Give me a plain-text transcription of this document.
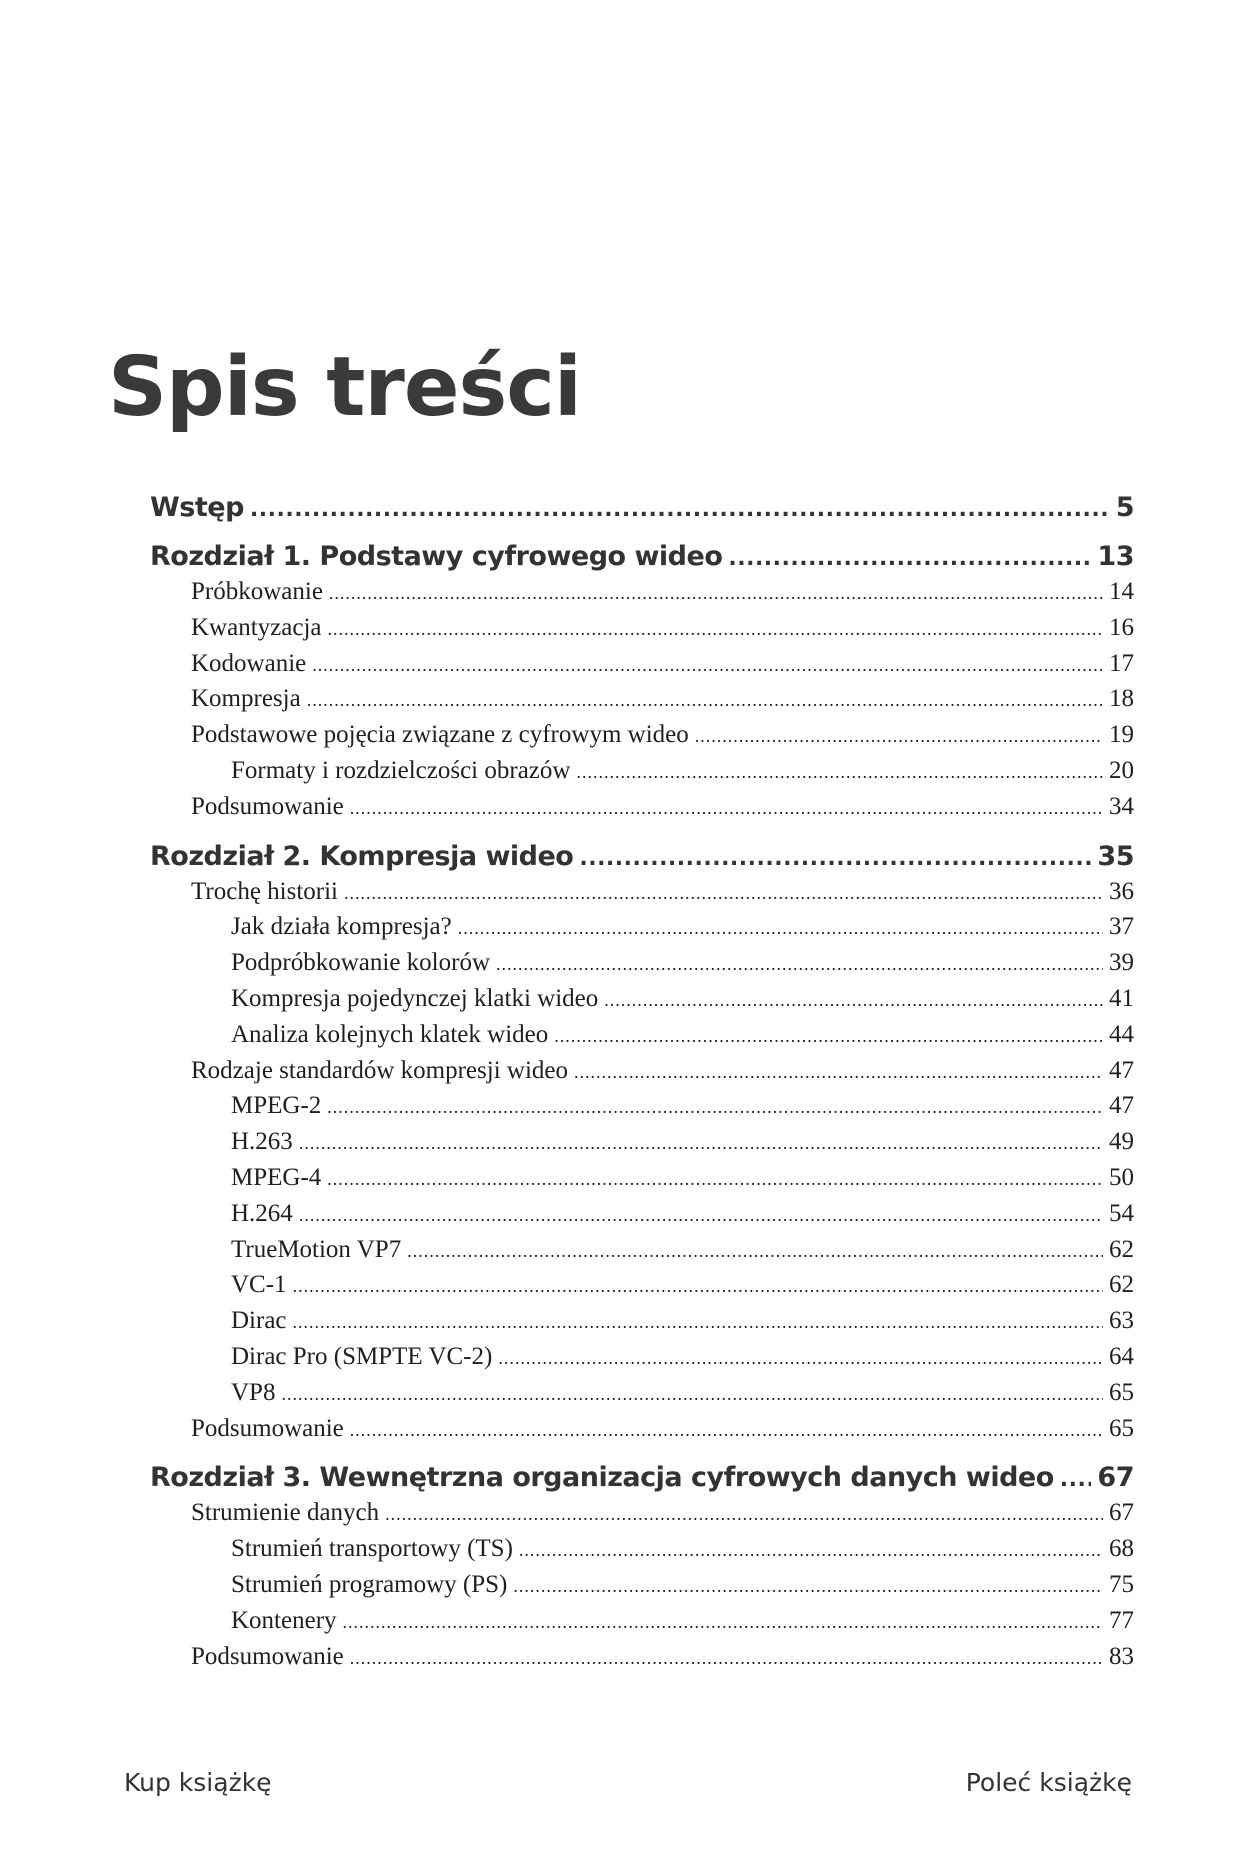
Spis treści
Wstęp .....	5
Rozdział 1. Podstawy cyfrowego wideo .....	13
Próbkowanie .....	14
Kwantyzacja .....	16
Kodowanie .....	17
Kompresja .....	18
Podstawowe pojęcia związane z cyfrowym wideo .....	19
Formaty i rozdzielczości obrazów .....	20
Podsumowanie .....	34
Rozdział 2. Kompresja wideo .....	35
Trochę historii .....	36
Jak działa kompresja? .....	37
Podpróbkowanie kolorów .....	39
Kompresja pojedynczej klatki wideo .....	41
Analiza kolejnych klatek wideo .....	44
Rodzaje standardów kompresji wideo .....	47
MPEG-2 .....	47
H.263 .....	49
MPEG-4 .....	50
H.264 .....	54
TrueMotion VP7 .....	62
VC-1 .....	62
Dirac .....	63
Dirac Pro (SMPTE VC-2) .....	64
VP8 .....	65
Podsumowanie .....	65
Rozdział 3. Wewnętrzna organizacja cyfrowych danych wideo ..... 67
Strumienie danych .....	67
Strumień transportowy (TS) .....	68
Strumień programowy (PS) .....	75
Kontenery .....	77
Podsumowanie .....	83
Kup książkę	Poleć książkę
